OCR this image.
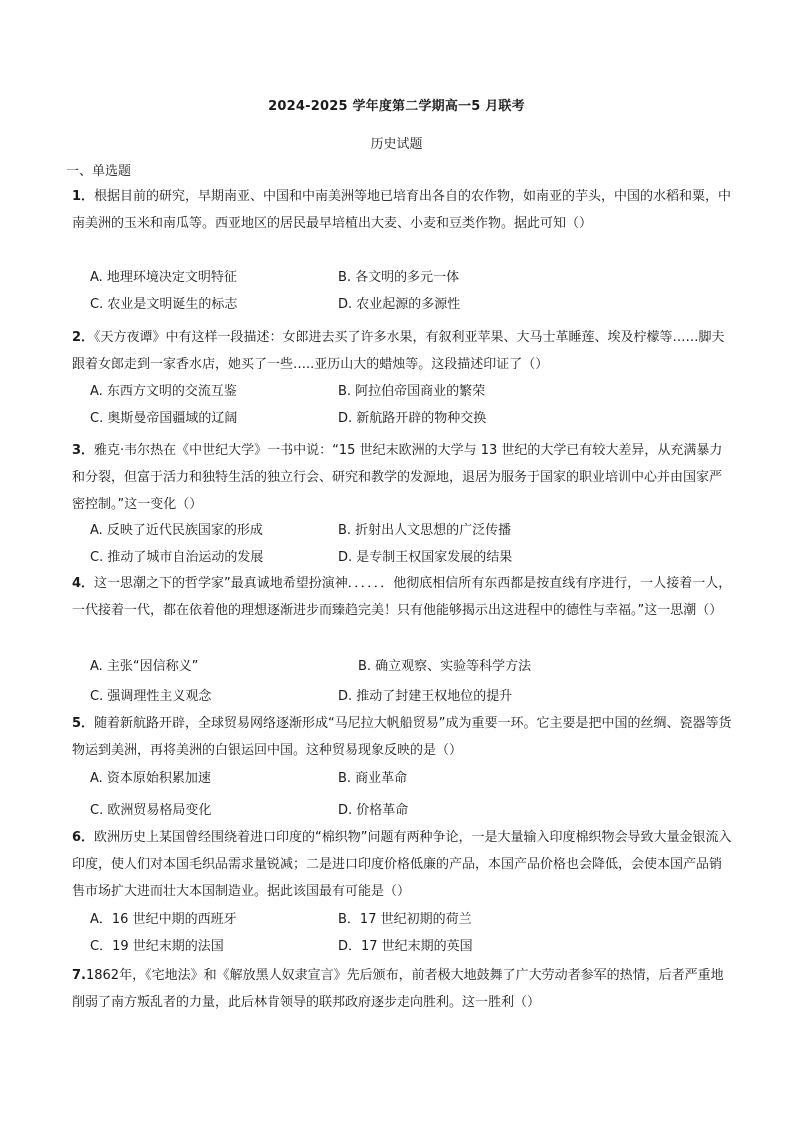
2024-2025 学年度第二学期高一5 月联考
历史试题
一、单选题
1．根据目前的研究，早期南亚、中国和中南美洲等地已培育出各自的农作物，如南亚的芋头，中国的水稻和粟，中南美洲的玉米和南瓜等。西亚地区的居民最早培植出大麦、小麦和豆类作物。据此可知（）
A. 地理环境决定文明特征	B. 各文明的多元一体
C. 农业是文明诞生的标志	D. 农业起源的多源性
2．《天方夜谭》中有这样一段描述：女郎进去买了许多水果，有叙利亚苹果、大马士革睡莲、埃及柠檬等……脚夫跟着女郎走到一家香水店，她买了一些…..亚历山大的蜡烛等。这段描述印证了（）
A. 东西方文明的交流互鉴	B. 阿拉伯帝国商业的繁荣
C. 奥斯曼帝国疆域的辽阔	D. 新航路开辟的物种交换
3．雅克·韦尔热在《中世纪大学》一书中说：“15 世纪末欧洲的大学与 13 世纪的大学已有较大差异，从充满暴力和分裂，但富于活力和独特生活的独立行会、研究和教学的发源地，退居为服务于国家的职业培训中心并由国家严密控制。”这一变化（）
A. 反映了近代民族国家的形成	B. 折射出人文思想的广泛传播
C. 推动了城市自治运动的发展	D. 是专制王权国家发展的结果
4．这一思潮之下的哲学家”最真诚地希望扮演神．．．．．．他彻底相信所有东西都是按直线有序进行，一人接着一人，一代接着一代，都在依着他的理想逐渐进步而臻趋完美！只有他能够揭示出这进程中的德性与幸福。”这一思潮（）
A. 主张“因信称义”	B. 确立观察、实验等科学方法
C. 强调理性主义观念	D. 推动了封建王权地位的提升
5．随着新航路开辟，全球贸易网络逐渐形成“马尼拉大帆船贸易”成为重要一环。它主要是把中国的丝绸、瓷器等货物运到美洲，再将美洲的白银运回中国。这种贸易现象反映的是（）
A. 资本原始积累加速	B. 商业革命
C. 欧洲贸易格局变化	D. 价格革命
6．欧洲历史上某国曾经围绕着进口印度的“棉织物”问题有两种争论，一是大量输入印度棉织物会导致大量金银流入印度，使人们对本国毛织品需求量锐减；二是进口印度价格低廉的产品，本国产品价格也会降低，会使本国产品销售市场扩大进而壮大本国制造业。据此该国最有可能是（）
A．16 世纪中期的西班牙	B．17 世纪初期的荷兰
C．19 世纪末期的法国	D．17 世纪末期的英国
7.1862年，《宅地法》和《解放黑人奴隶宣言》先后颁布，前者极大地鼓舞了广大劳动者参军的热情，后者严重地削弱了南方叛乱者的力量，此后林肯领导的联邦政府逐步走向胜利。这一胜利（）
